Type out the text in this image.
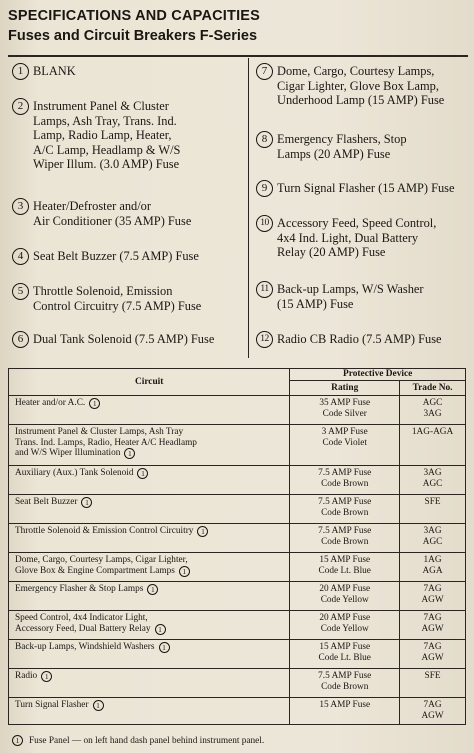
SPECIFICATIONS AND CAPACITIES
Fuses and Circuit Breakers F-Series
1 BLANK
2 Instrument Panel & Cluster
Lamps, Ash Tray, Trans. Ind.
Lamp, Radio Lamp, Heater,
A/C Lamp, Headlamp & W/S
Wiper Illum. (3.0 AMP) Fuse
3 Heater/Defroster and/or
Air Conditioner (35 AMP) Fuse
4 Seat Belt Buzzer (7.5 AMP) Fuse
5 Throttle Solenoid, Emission
Control Circuitry (7.5 AMP) Fuse
6 Dual Tank Solenoid (7.5 AMP) Fuse
7 Dome, Cargo, Courtesy Lamps,
Cigar Lighter, Glove Box Lamp,
Underhood Lamp (15 AMP) Fuse
8 Emergency Flashers, Stop
Lamps (20 AMP) Fuse
9 Turn Signal Flasher (15 AMP) Fuse
10 Accessory Feed, Speed Control,
4x4 Ind. Light, Dual Battery
Relay (20 AMP) Fuse
11 Back-up Lamps, W/S Washer
(15 AMP) Fuse
12 Radio CB Radio (7.5 AMP) Fuse
Circuit	Protective Device	
	Rating	Trade No.
Heater and/or A.C. 1	35 AMP Fuse
Code Silver	AGC
3AG
Instrument Panel & Cluster Lamps, Ash Tray
Trans. Ind. Lamps, Radio, Heater A/C Headlamp
and W/S Wiper Illumination 1	3 AMP Fuse
Code Violet	1AG-AGA
Auxiliary (Aux.) Tank Solenoid 1	7.5 AMP Fuse
Code Brown	3AG
AGC
Seat Belt Buzzer 1	7.5 AMP Fuse
Code Brown	SFE
Throttle Solenoid & Emission Control Circuitry 1	7.5 AMP Fuse
Code Brown	3AG
AGC
Dome, Cargo, Courtesy Lamps, Cigar Lighter,
Glove Box & Engine Compartment Lamps 1	15 AMP Fuse
Code Lt. Blue	1AG
AGA
Emergency Flasher & Stop Lamps 1	20 AMP Fuse
Code Yellow	7AG
AGW
Speed Control, 4x4 Indicator Light,
Accessory Feed, Dual Battery Relay 1	20 AMP Fuse
Code Yellow	7AG
AGW
Back-up Lamps, Windshield Washers 1	15 AMP Fuse
Code Lt. Blue	7AG
AGW
Radio 1	7.5 AMP Fuse
Code Brown	SFE
Turn Signal Flasher 1	15 AMP Fuse	7AG
AGW
1	Fuse Panel — on left hand dash panel behind instrument panel.
